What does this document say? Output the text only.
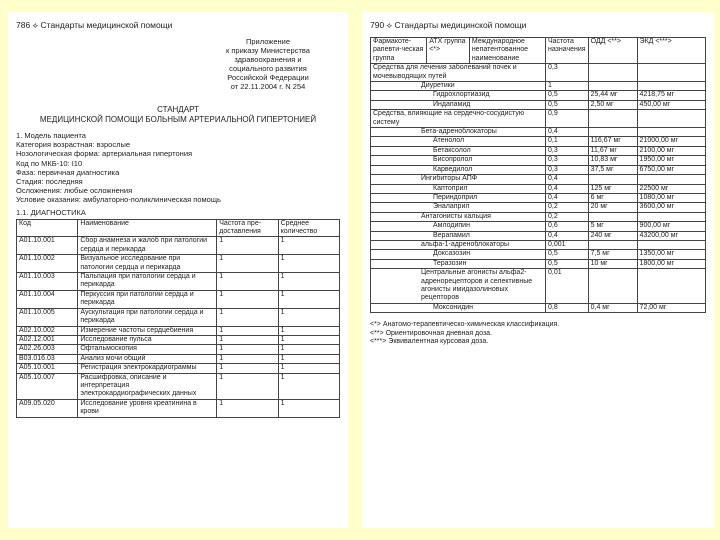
786 ⟡ Стандарты медицинской помощи
Приложение
к приказу Министерства
здравоохранения и
социального развития
Российской Федерации
от 22.11.2004 г. N 254
СТАНДАРТ
МЕДИЦИНСКОЙ ПОМОЩИ БОЛЬНЫМ АРТЕРИАЛЬНОЙ ГИПЕРТОНИЕЙ
1. Модель пациента
Категория возрастная: взрослые
Нозологическая форма: артериальная гипертония
Код по МКБ-10: I10
Фаза: первичная диагностика
Стадия: последняя
Осложнения: любые осложнения
Условие оказания: амбулаторно-поликлиническая помощь
1.1. ДИАГНОСТИКА
Код	Наименование	Частота пре-доставления	Среднее количество
A01.10.001	Сбор анамнеза и жалоб при патологии сердца и перикарда	1	1
A01.10.002	Визуальное исследование при патологии сердца и перикарда	1	1
A01.10.003	Пальпация при патологии сердца и перикарда	1	1
A01.10.004	Перкуссия при патологии сердца и перикарда	1	1
A01.10.005	Аускультация при патологии сердца и перикарда	1	1
A02.10.002	Измерение частоты сердцебиения	1	1
A02.12.001	Исследование пульса	1	1
A02.26.003	Офтальмоскопия	1	1
B03.016.03	Анализ мочи общий	1	1
A05.10.001	Регистрация электрокардиограммы	1	1
A05.10.007	Расшифровка, описание и интерпретация электрокардиографических данных	1	1
A09.05.020	Исследование уровня креатинина в крови	1	1
790 ⟡ Стандарты медицинской помощи
Фармакоте-рапевти-ческая группа	АТХ группа <*>	Международное непатентованное наименование	Частота назначения	ОДД <**>	ЭКД <***>
Средства для лечения заболеваний почек и мочевыводящих путей			0,3		
Диуретики			1		
Гидрохлортиазид			0,5	25,44 мг	4218,75 мг
Индапамид			0,5	2,50 мг	450,00 мг
Средства, влияющие на сердечно-сосудистую систему			0,9		
Бета-адреноблокаторы			0,4		
Атенолол			0,1	116,67 мг	21000,00 мг
Бетаксолол			0,3	11,67 мг	2100,00 мг
Бисопролол			0,3	10,83 мг	1950,00 мг
Карведилол			0,3	37,5 мг	6750,00 мг
Ингибиторы АПФ			0,4		
Каптоприл			0,4	125 мг	22500 мг
Периндоприл			0,4	6 мг	1080,00 мг
Эналаприл			0,2	20 мг	3600,00 мг
Антагонисты кальция			0,2		
Амлодипин			0,6	5 мг	900,00 мг
Верапамил			0,4	240 мг	43200,00 мг
альфа-1-адреноблокаторы			0,001		
Доксазозин			0,5	7,5 мг	1350,00 мг
Теразозин			0,5	10 мг	1800,00 мг
Центральные агонисты альфа2-адренорецепторов и селективные агонисты имидазолиновых рецепторов			0,01		
Моксонидин			0,8	0,4 мг	72,00 мг
<*> Анатомо-терапевтическо-химическая классификация.
<**> Ориентировочная дневная доза.
<***> Эквивалентная курсовая доза.
